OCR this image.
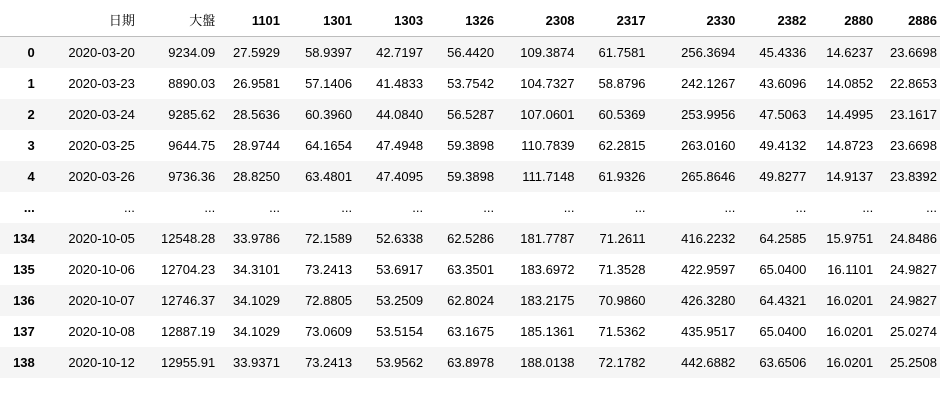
	日期	大盤	1101	1301	1303	1326	2308	2317	2330	2382	2880	2886
0	2020-03-20	9234.09	27.5929	58.9397	42.7197	56.4420	109.3874	61.7581	256.3694	45.4336	14.6237	23.6698
1	2020-03-23	8890.03	26.9581	57.1406	41.4833	53.7542	104.7327	58.8796	242.1267	43.6096	14.0852	22.8653
2	2020-03-24	9285.62	28.5636	60.3960	44.0840	56.5287	107.0601	60.5369	253.9956	47.5063	14.4995	23.1617
3	2020-03-25	9644.75	28.9744	64.1654	47.4948	59.3898	110.7839	62.2815	263.0160	49.4132	14.8723	23.6698
4	2020-03-26	9736.36	28.8250	63.4801	47.4095	59.3898	111.7148	61.9326	265.8646	49.8277	14.9137	23.8392
...	...	...	...	...	...	...	...	...	...	...	...	...
134	2020-10-05	12548.28	33.9786	72.1589	52.6338	62.5286	181.7787	71.2611	416.2232	64.2585	15.9751	24.8486
135	2020-10-06	12704.23	34.3101	73.2413	53.6917	63.3501	183.6972	71.3528	422.9597	65.0400	16.1101	24.9827
136	2020-10-07	12746.37	34.1029	72.8805	53.2509	62.8024	183.2175	70.9860	426.3280	64.4321	16.0201	24.9827
137	2020-10-08	12887.19	34.1029	73.0609	53.5154	63.1675	185.1361	71.5362	435.9517	65.0400	16.0201	25.0274
138	2020-10-12	12955.91	33.9371	73.2413	53.9562	63.8978	188.0138	72.1782	442.6882	63.6506	16.0201	25.2508
